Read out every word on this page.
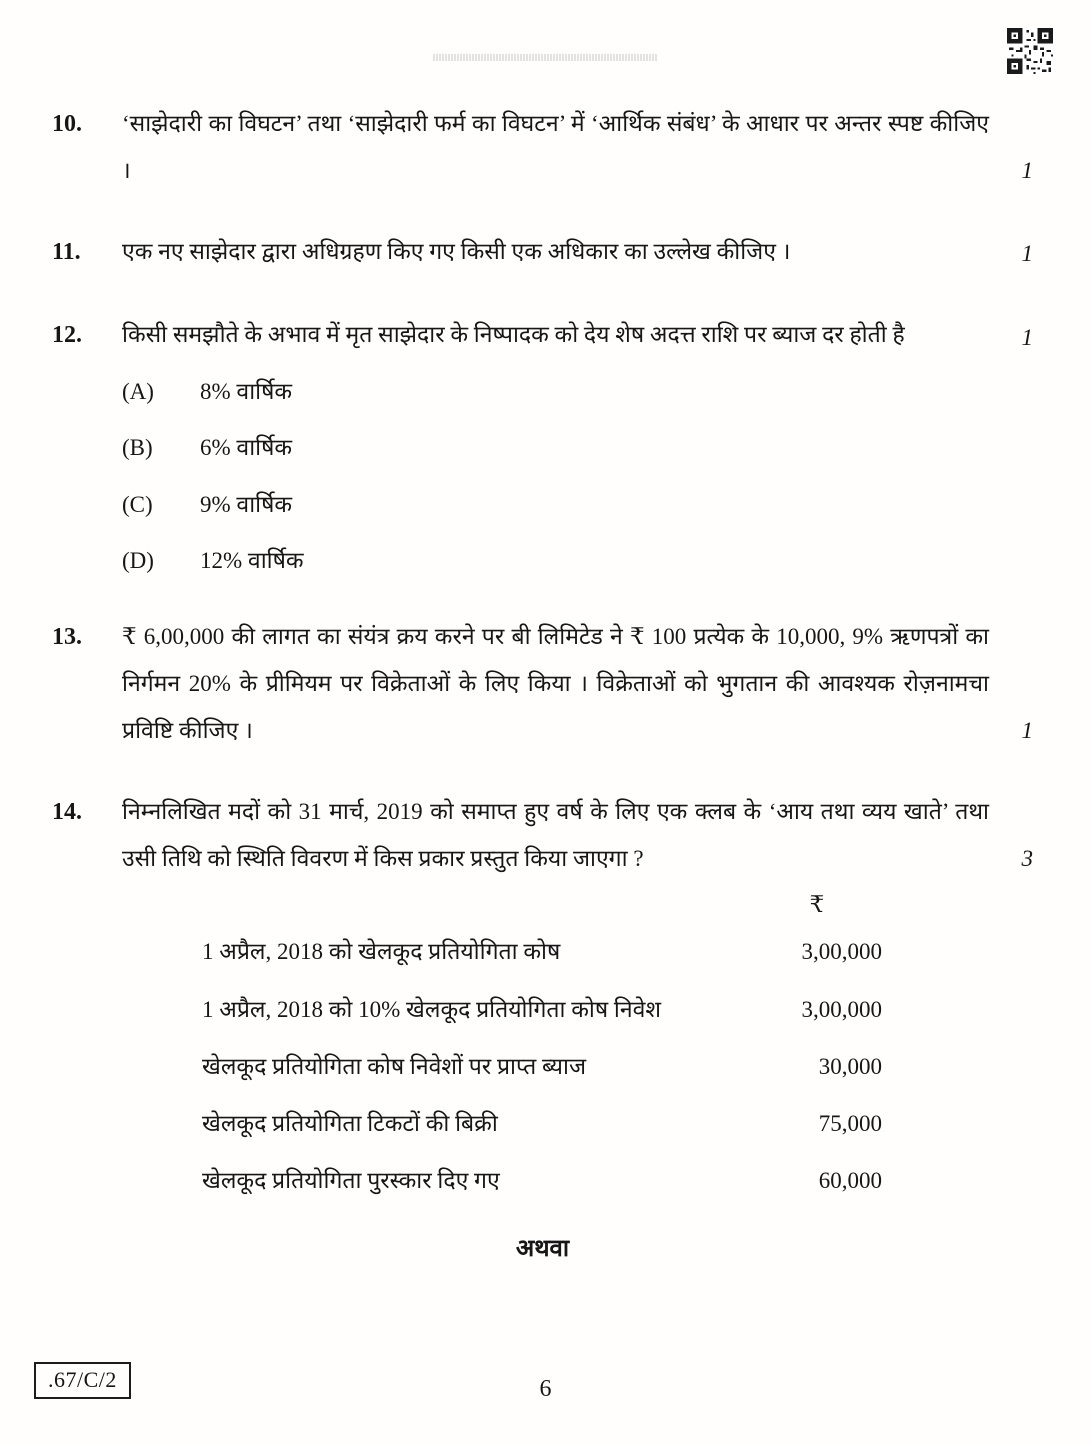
10.	‘साझेदारी का विघटन’ तथा ‘साझेदारी फर्म का विघटन’ में ‘आर्थिक संबंध’ के आधार पर अन्तर स्पष्ट कीजिए ।	1
11.	एक नए साझेदार द्वारा अधिग्रहण किए गए किसी एक अधिकार का उल्लेख कीजिए ।	1
12.	किसी समझौते के अभाव में मृत साझेदार के निष्पादक को देय शेष अदत्त राशि पर ब्याज दर होती है	1
(A)	8% वार्षिक
(B)	6% वार्षिक
(C)	9% वार्षिक
(D)	12% वार्षिक
13.	₹ 6,00,000 की लागत का संयंत्र क्रय करने पर बी लिमिटेड ने ₹ 100 प्रत्येक के 10,000, 9% ऋणपत्रों का निर्गमन 20% के प्रीमियम पर विक्रेताओं के लिए किया । विक्रेताओं को भुगतान की आवश्यक रोज़नामचा प्रविष्टि कीजिए ।	1
14.	निम्नलिखित मदों को 31 मार्च, 2019 को समाप्त हुए वर्ष के लिए एक क्लब के ‘आय तथा व्यय खाते’ तथा उसी तिथि को स्थिति विवरण में किस प्रकार प्रस्तुत किया जाएगा ?	3
₹
1 अप्रैल, 2018 को खेलकूद प्रतियोगिता कोष	3,00,000
1 अप्रैल, 2018 को 10% खेलकूद प्रतियोगिता कोष निवेश	3,00,000
खेलकूद प्रतियोगिता कोष निवेशों पर प्राप्त ब्याज	30,000
खेलकूद प्रतियोगिता टिकटों की बिक्री	75,000
खेलकूद प्रतियोगिता पुरस्कार दिए गए	60,000
अथवा
.67/C/2	6
